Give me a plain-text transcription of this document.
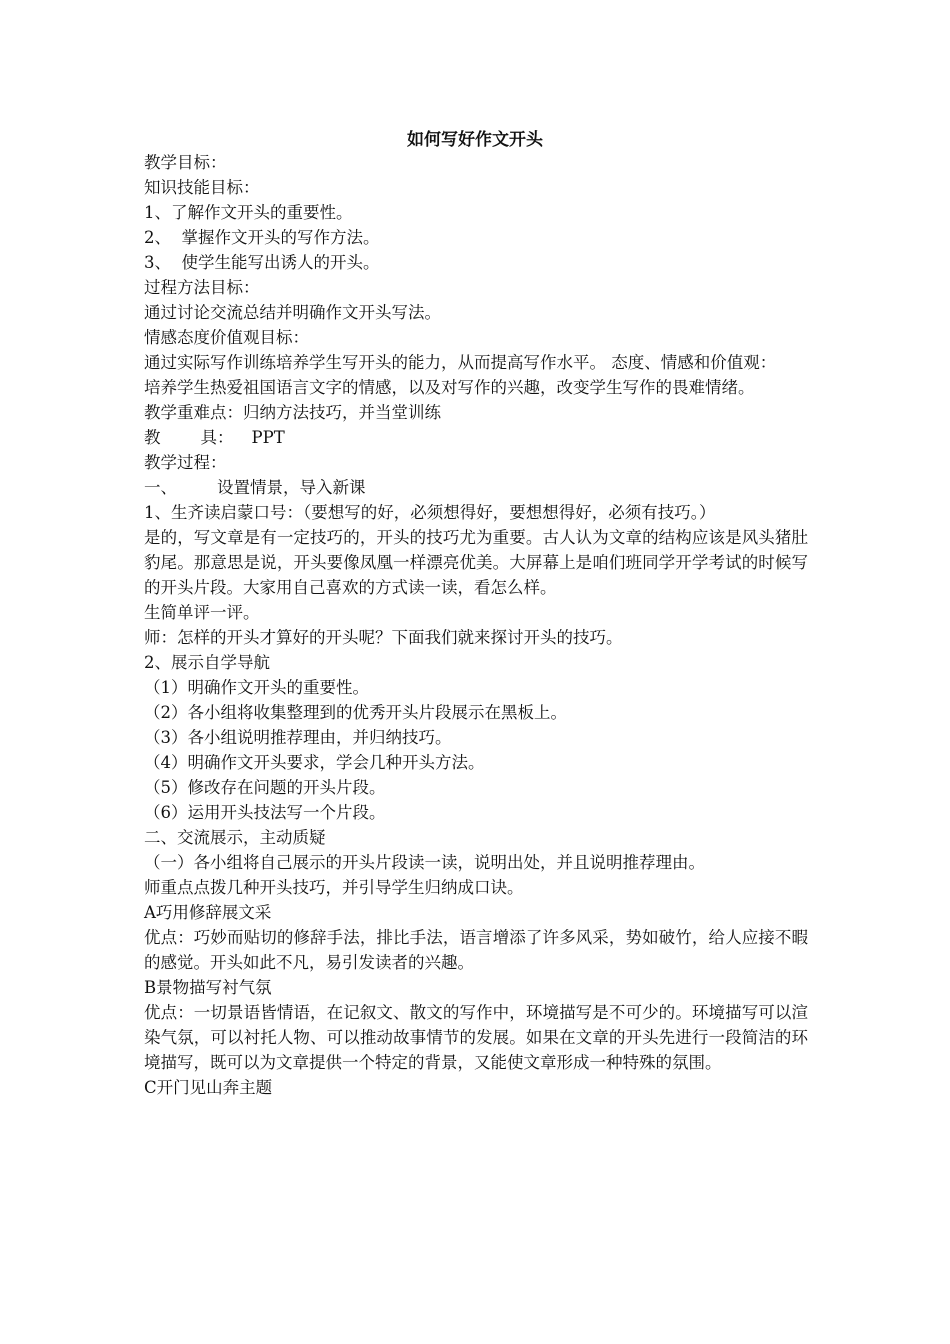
如何写好作文开头

教学目标：

知识技能目标：

1、了解作文开头的重要性。

2、  掌握作文开头的写作方法。

3、  使学生能写出诱人的开头。

过程方法目标：

通过讨论交流总结并明确作文开头写法。

情感态度价值观目标：

通过实际写作训练培养学生写开头的能力，从而提高写作水平。 态度、情感和价值观：

培养学生热爱祖国语言文字的情感，以及对写作的兴趣，改变学生写作的畏难情绪。

教学重难点：归纳方法技巧，并当堂训练

教 具： PPT

教学过程：

一、 设置情景，导入新课

1、生齐读启蒙口号：（要想写的好，必须想得好，要想想得好，必须有技巧。）

是的，写文章是有一定技巧的，开头的技巧尤为重要。古人认为文章的结构应该是风头猪肚豹尾。那意思是说，开头要像凤凰一样漂亮优美。大屏幕上是咱们班同学开学考试的时候写的开头片段。大家用自己喜欢的方式读一读，看怎么样。

生简单评一评。

师：怎样的开头才算好的开头呢？下面我们就来探讨开头的技巧。

2、展示自学导航

（1）明确作文开头的重要性。

（2）各小组将收集整理到的优秀开头片段展示在黑板上。

（3）各小组说明推荐理由，并归纳技巧。

（4）明确作文开头要求，学会几种开头方法。

（5）修改存在问题的开头片段。

（6）运用开头技法写一个片段。

二、交流展示，主动质疑

（一）各小组将自己展示的开头片段读一读，说明出处，并且说明推荐理由。

师重点点拨几种开头技巧，并引导学生归纳成口诀。

A巧用修辞展文采

优点：巧妙而贴切的修辞手法，排比手法，语言增添了许多风采，势如破竹，给人应接不暇的感觉。开头如此不凡，易引发读者的兴趣。

B景物描写衬气氛

优点：一切景语皆情语，在记叙文、散文的写作中，环境描写是不可少的。环境描写可以渲染气氛，可以衬托人物、可以推动故事情节的发展。如果在文章的开头先进行一段简洁的环境描写，既可以为文章提供一个特定的背景，又能使文章形成一种特殊的氛围。

C开门见山奔主题
